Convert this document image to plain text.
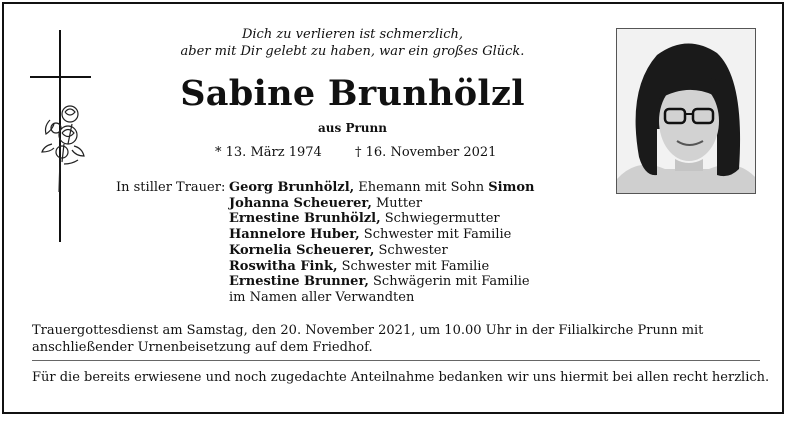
Dich zu verlieren ist schmerzlich,
aber mit Dir gelebt zu haben, war ein großes Glück.
Sabine Brunhölzl
aus Prunn
* 13. März 1974	† 16. November 2021
In stiller Trauer: Georg Brunhölzl, Ehemann mit Sohn Simon
Johanna Scheuerer, Mutter
Ernestine Brunhölzl, Schwiegermutter
Hannelore Huber, Schwester mit Familie
Kornelia Scheuerer, Schwester
Roswitha Fink, Schwester mit Familie
Ernestine Brunner, Schwägerin mit Familie
im Namen aller Verwandten
Trauergottesdienst am Samstag, den 20. November 2021, um 10.00 Uhr in der Filialkirche Prunn mit anschließender Urnenbeisetzung auf dem Friedhof.
Für die bereits erwiesene und noch zugedachte Anteilnahme bedanken wir uns hiermit bei allen recht herzlich.
